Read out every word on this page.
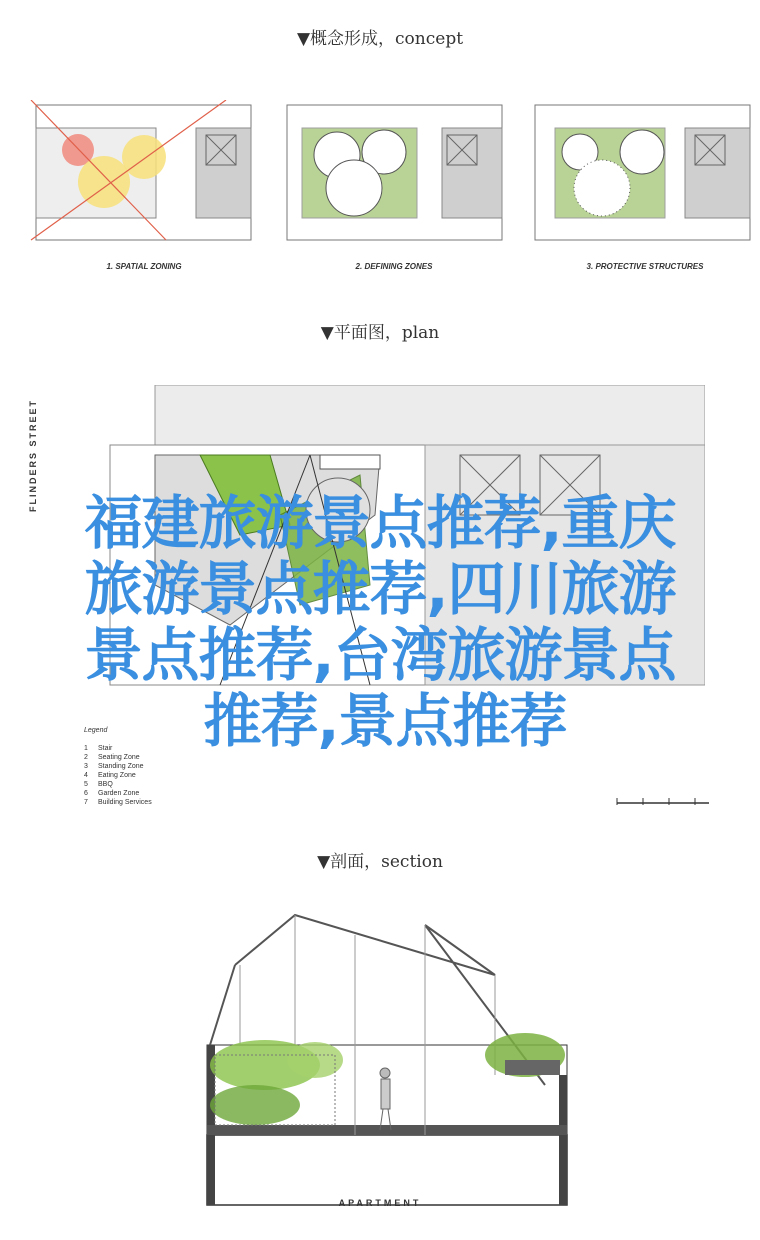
▼概念形成，concept
1. SPATIAL ZONING	2. DEFINING ZONES	3. PROTECTIVE STRUCTURES
▼平面图，plan
FLINDERS STREET
Legend
1 Stair
2 Seating Zone
3 Standing Zone
4 Eating Zone
5 BBQ
6 Garden Zone
7 Building Services
福建旅游景点推荐,重庆
旅游景点推荐,四川旅游
景点推荐,台湾旅游景点
推荐,景点推荐
▼剖面，section
APARTMENT
